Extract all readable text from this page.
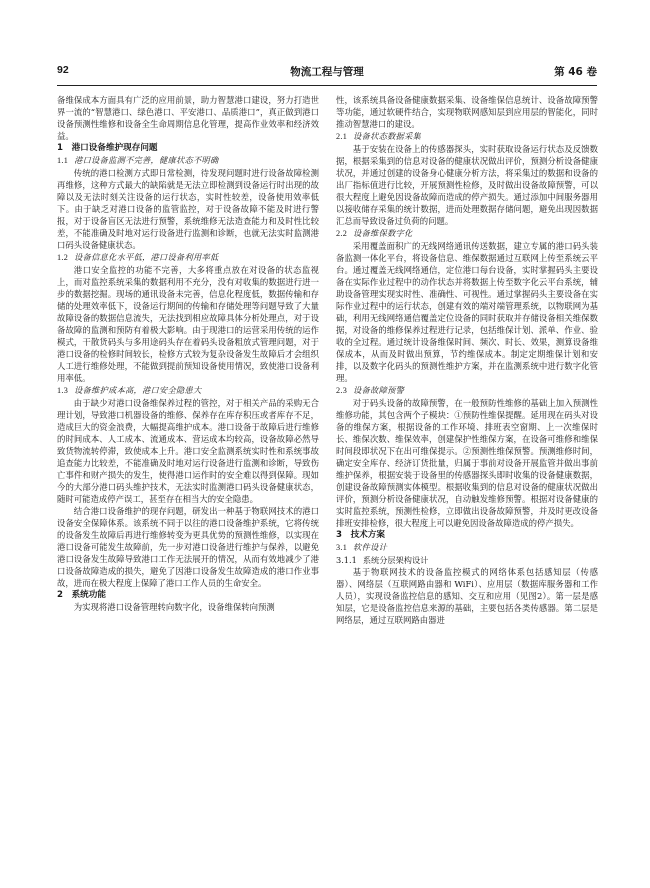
92	物流工程与管理	第 46 卷

备维保成本方面具有广泛的应用前景，助力智慧港口建设，努力打造世界一流的“智慧港口、绿色港口、平安港口、品质港口”，真正做到港口设备预测性维修和设备全生命周期信息化管理，提高作业效率和经济效益。

1　港口设备维护现存问题
1.1 港口设备监测不完善，健康状态不明确

传统的港口检测方式即日常检测，待发现问题时进行设备故障检测再维修，这种方式最大的缺陷就是无法立即检测到设备运行时出现的故障以及无法时刻关注设备的运行状态，实时性较差，设备使用效率低下。由于缺乏对港口设备的监管监控，对于设备故障不能及时进行警报，对于设备盲区无法进行预警，系统维修无法造查能力和及时性比较差，不能准确及时地对运行设备进行监测和诊断，也就无法实时监测港口码头设备健康状态。

1.2 设备信息化水平低，港口设备利用率低

港口安全监控的功能不完善，大多将重点放在对设备的状态监视上，而对监控系统采集的数据利用不充分，没有对收集的数据进行进一步的数据挖掘。现场的通讯设备未完善，信息化程度低，数据传输和存储的处理效率低下，设备运行期间的传输和存储处理等问题导致了大量故障设备的数据信息流失，无法找到相应故障具体分析处理点，对于设备故障的监测和预防有着极大影响。由于现港口的运营采用传统的运作模式，干散货码头与多用途码头存在着码头设备粗放式管理问题，对于港口设备的检修时间较长，检修方式较为复杂设备发生故障后才会组织人工进行维修处理，不能做到提前预知设备使用情况，致使港口设备利用率低。

1.3 设备维护成本高，港口安全隐患大

由于缺少对港口设备维保养过程的管控，对于相关产品的采购无合理计划，导致港口机器设备的维修、保养存在库存积压或者库存不足，造成巨大的资金浪费，大幅提高维护成本。港口设备于故障后进行维修的时间成本、人工成本、流通成本、营运成本均较高，设备故障必然导致货物流转停滞，致使成本上升。港口安全监测系统实时性和系统事故追查能力比较差，不能准确及时地对运行设备进行监测和诊断，导致伤亡事件和财产损失的发生，使得港口运作时的安全难以得到保障。现如今的大部分港口码头维护技术，无法实时监测港口码头设备健康状态，随时可能造成停产误工，甚至存在相当大的安全隐患。

结合港口设备维护的现存问题，研发出一种基于物联网技术的港口设备安全保障体系。该系统不同于以往的港口设备维护系统，它将传统的设备发生故障后再进行维修转变为更具优势的预测性维修，以实现在港口设备可能发生故障前，先一步对港口设备进行维护与保养，以避免港口设备发生故障导致港口工作无法展开的情况，从而有效地减少了港口设备故障造成的损失，避免了因港口设备发生故障造成的港口作业事故，进而在极大程度上保障了港口工作人员的生命安全。

2　系统功能

为实现将港口设备管理转向数字化，设备维保转向预测

性，该系统具备设备健康数据采集、设备维保信息统计、设备故障预警等功能，通过软硬件结合，实现物联网感知层到应用层的智能化，同时推动智慧港口的建设。

2.1 设备状态数据采集

基于安装在设备上的传感器探头，实时获取设备运行状态及反馈数据，根据采集到的信息对设备的健康状况做出评价，预测分析设备健康状况，并通过创建的设备身心健康分析方法，将采集过的数据和设备的出厂指标值进行比较，开展预测性检修，及时做出设备故障预警，可以很大程度上避免因设备故障而造成的停产损失。通过添加中间服务器用以接收储存采集的统计数据，进而处理数据存储问题，避免出现因数据汇总而导致设备过负荷的问题。

2.2 设备维保数字化

采用覆盖面积广的无线网络通讯传送数据，建立专属的港口码头装备监测一体化平台，将设备信息、维保数据通过互联网上传至系统云平台。通过覆盖无线网络通信，定位港口每台设备，实时掌握码头主要设备在实际作业过程中的动作状态并将数据上传至数字化云平台系统，辅助设备管理实现实时性、准确性、可视性。通过掌握码头主要设备在实际作业过程中的运行状态，创建有效的端对端管理系统，以物联网为基础，利用无线网络通信覆盖定位设备的同时获取并存储设备相关维保数据，对设备的维修保养过程进行记录，包括维保计划、派单、作业、验收的全过程。通过统计设备维保时间、频次、时长、效果，测算设备维保成本，从而及时做出预算，节约维保成本。制定定期维保计划和安排，以及数字化码头的预测性维护方案，并在监测系统中进行数字化管理。

2.3 设备故障预警

对于码头设备的故障预警，在一般预防性维修的基础上加入预测性维修功能，其包含两个子模块：①预防性维保提醒。延用现在码头对设备的维保方案，根据设备的工作环境、排班表空窗期、上一次维保时长、维保次数、维保效率，创建保护性维保方案，在设备可维修和维保时间段即状况下在出可维保提示。②预测性维保预警。预测维修时间，确定安全库存、经济订货批量，归属于事前对设备开展监管并做出事前维护保养，根据安装于设备里的传感器探头即时收集的设备健康数据，创建设备故障预测实体模型。根据收集到的信息对设备的健康状况做出评价，预测分析设备健康状况，自动触发维修预警。根据对设备健康的实时监控系统，预测性检修，立即做出设备故障预警，并及时更改设备排班安排检修，很大程度上可以避免因设备故障造成的停产损失。

3　技术方案
3.1 软件设计
3.1.1 系统分层架构设计

基于物联网技术的设备监控模式的网络体系包括感知层（传感器）、网络层（互联网路由器和 WiFi）、应用层（数据库服务器和工作人员），实现设备监控信息的感知、交互和应用（见图2）。第一层是感知层，它是设备监控信息来源的基础，主要包括各类传感器。第二层是网络层，通过互联网路由器进
